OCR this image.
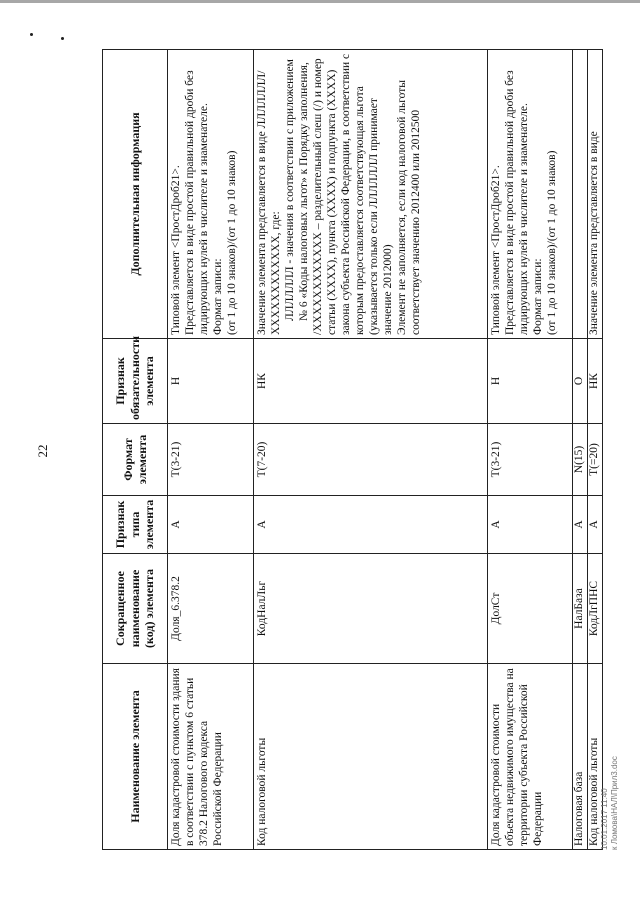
22
Наименование элемента	Сокращенное наименование (код) элемента	Признак типа элемента	Формат элемента	Признак обязательности элемента	Дополнительная информация
Доля кадастровой стоимости здания в соответствии с пунктом 6 статьи 378.2 Налогового кодекса Российской Федерации	Доля_6.378.2	А	T(3-21)	Н	Типовой элемент <ПростДроб21>. Представляется в виде простой правильной дроби без лидирующих нулей в числителе и знаменателе. Формат записи: (от 1 до 10 знаков)/(от 1 до 10 знаков)

Код налоговой льготы	КодНалЛьг	А	T(7-20)	НК	Значение элемента представляется в виде ЛЛЛЛЛЛЛ/ХХХХХХХХХХХХ, где: ЛЛЛЛЛЛЛ - значения в соответствии с приложением № 6 «Коды налоговых льгот» к Порядку заполнения, /ХХХХХХХХХХХХ – разделительный слеш (/) и номер статьи (ХХХХ), пункта (ХХХХ) и подпункта (ХХХХ) закона субъекта Российской Федерации, в соответствии с которым предоставляется соответствующая льгота (указывается только если ЛЛЛЛЛЛЛ принимает значение 2012000) Элемент не заполняется, если код налоговой льготы соответствует значению 2012400 или 2012500

Доля кадастровой стоимости объекта недвижимого имущества на территории субъекта Российской Федерации	ДолСт	А	T(3-21)	Н	Типовой элемент <ПростДроб21>. Представляется в виде простой правильной дроби без лидирующих нулей в числителе и знаменателе. Формат записи: (от 1 до 10 знаков)/(от 1 до 10 знаков)

Налоговая база	НалБаза	А	N(15)	О	
Код налоговой льготы	КодЛгПНС	А	T(=20)	НК	Значение элемента представляется в виде
10.01.2017 11:40 к Ломова\НАЛ\Прил3.doc
